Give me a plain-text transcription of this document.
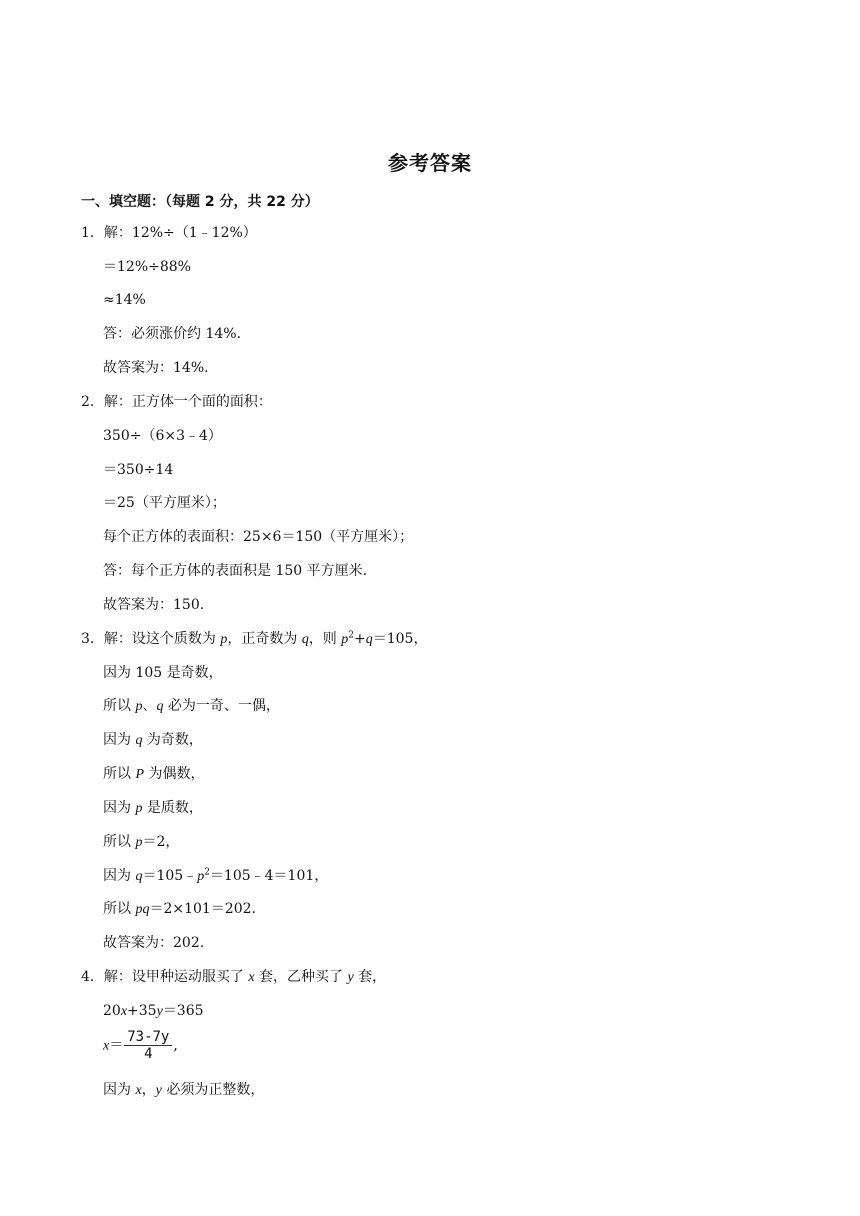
参考答案
一、填空题：（每题 2 分，共 22 分）
1．解：12%÷（1﹣12%）
＝12%÷88%
≈14%
答：必须涨价约 14%.
故答案为：14%.
2．解：正方体一个面的面积：
350÷（6×3﹣4）
＝350÷14
＝25（平方厘米）；
每个正方体的表面积：25×6＝150（平方厘米）；
答：每个正方体的表面积是 150 平方厘米.
故答案为：150.
3．解：设这个质数为 p，正奇数为 q，则 $p^2+q=105$，
因为 105 是奇数，
所以 p、q 必为一奇、一偶，
因为 q 为奇数，
所以 P 为偶数，
因为 p 是质数，
所以 p＝2，
因为 $q=105﹣p^2=105﹣4=101$，
所以 pq＝2×101＝202.
故答案为：202.
4．解：设甲种运动服买了 x 套，乙种买了 y 套，
20x+35y＝365
$x= \frac{73-7y}{4}$ ,
因为 x，y 必须为正整数，
